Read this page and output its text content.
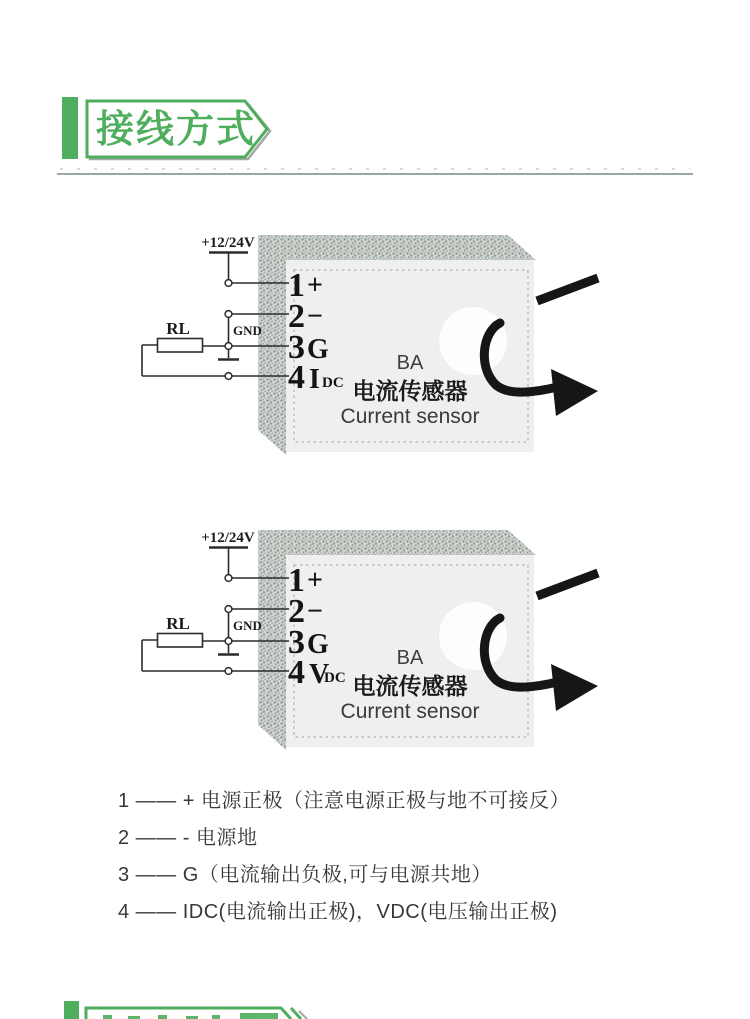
接线方式
BA
电流传感器
Current sensor
1 +
2 −
3 G
4 I DC
+12/24V
GND
RL
BA
电流传感器
Current sensor
1 +
2 −
3 G
4 V
DC
+12/24V
GND
RL
1 —— + 电源正极（注意电源正极与地不可接反）
2 —— - 电源地
3 —— G（电流输出负极,可与电源共地）
4 —— IDC(电流输出正极)，VDC(电压输出正极)
